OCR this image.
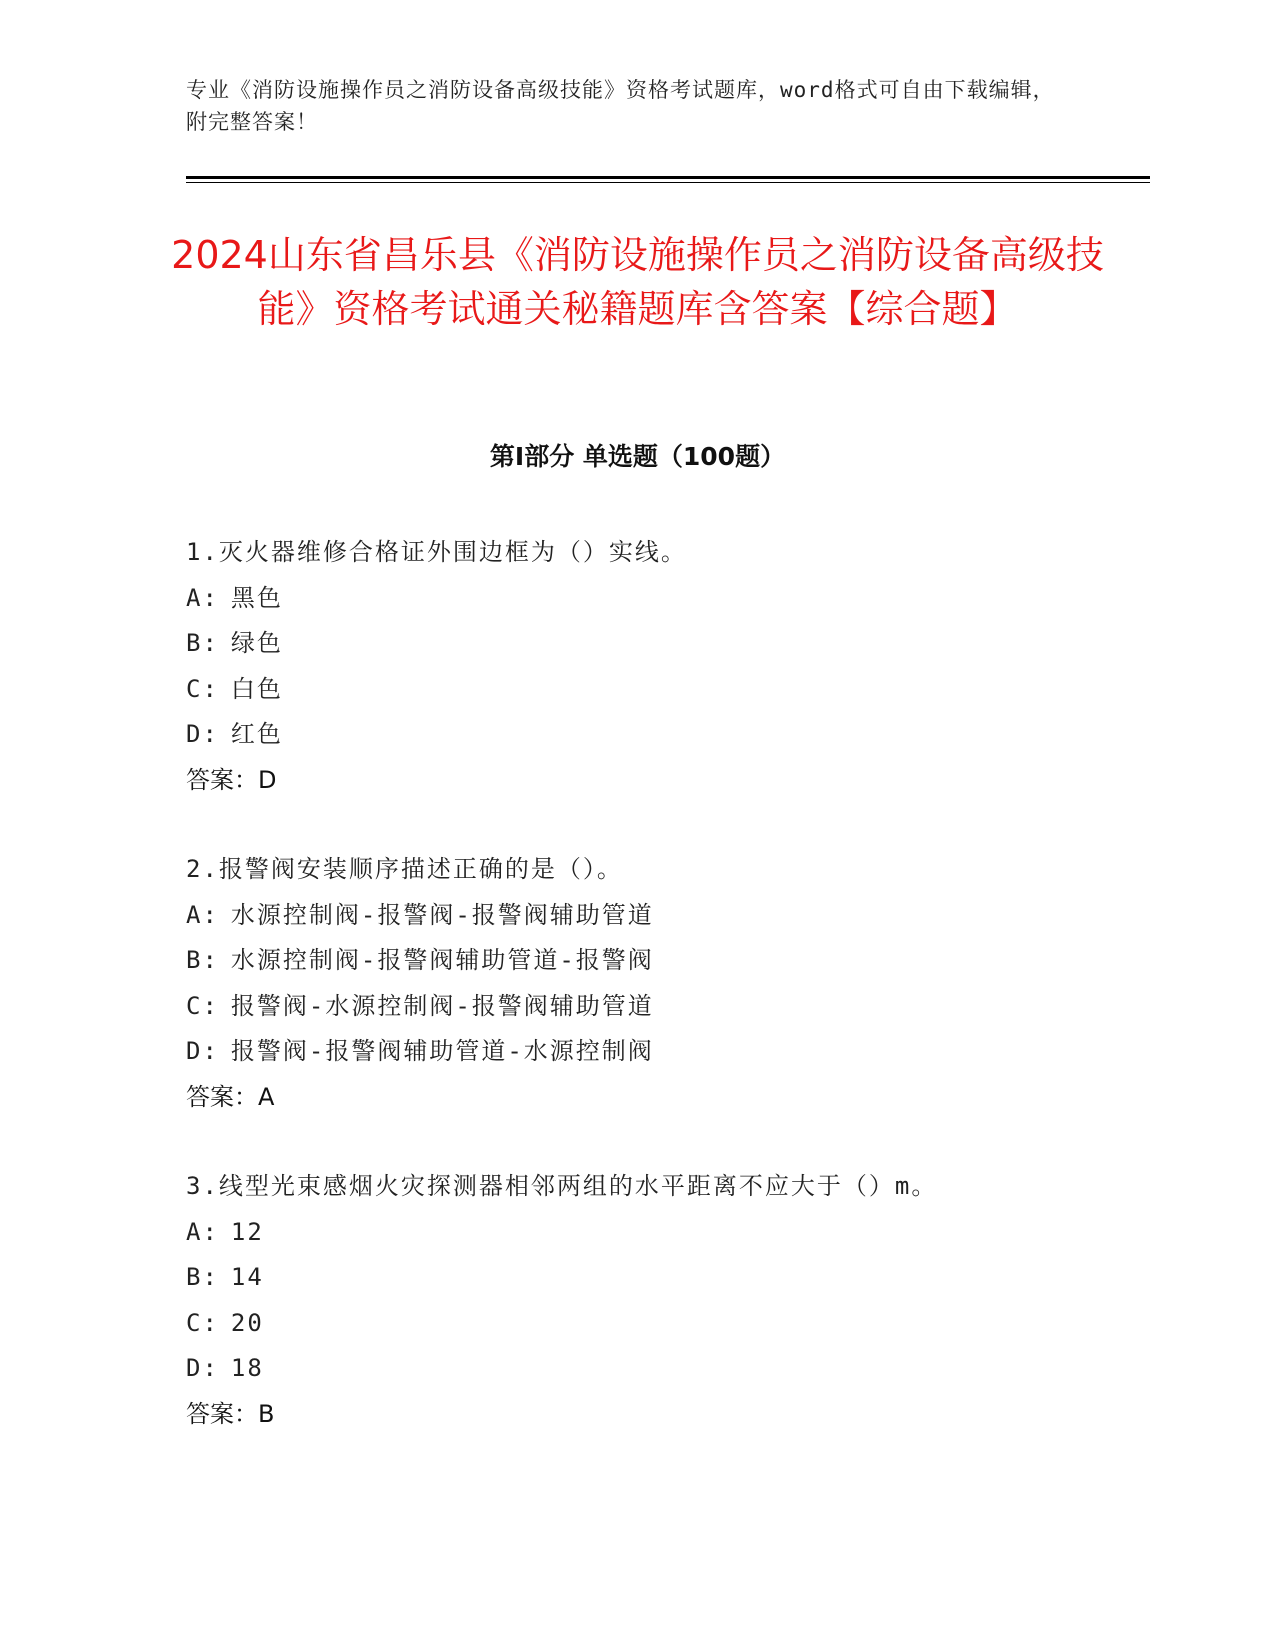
专业《消防设施操作员之消防设备高级技能》资格考试题库，word格式可自由下载编辑，附完整答案！

2024山东省昌乐县《消防设施操作员之消防设备高级技能》资格考试通关秘籍题库含答案【综合题】
第I部分 单选题（100题）
1.灭火器维修合格证外围边框为（）实线。
A: 黑色
B: 绿色
C: 白色
D: 红色
答案：D
2.报警阀安装顺序描述正确的是（）。
A: 水源控制阀-报警阀-报警阀辅助管道
B: 水源控制阀-报警阀辅助管道-报警阀
C: 报警阀-水源控制阀-报警阀辅助管道
D: 报警阀-报警阀辅助管道-水源控制阀
答案：A
3.线型光束感烟火灾探测器相邻两组的水平距离不应大于（）m。
A: 12
B: 14
C: 20
D: 18
答案：B
